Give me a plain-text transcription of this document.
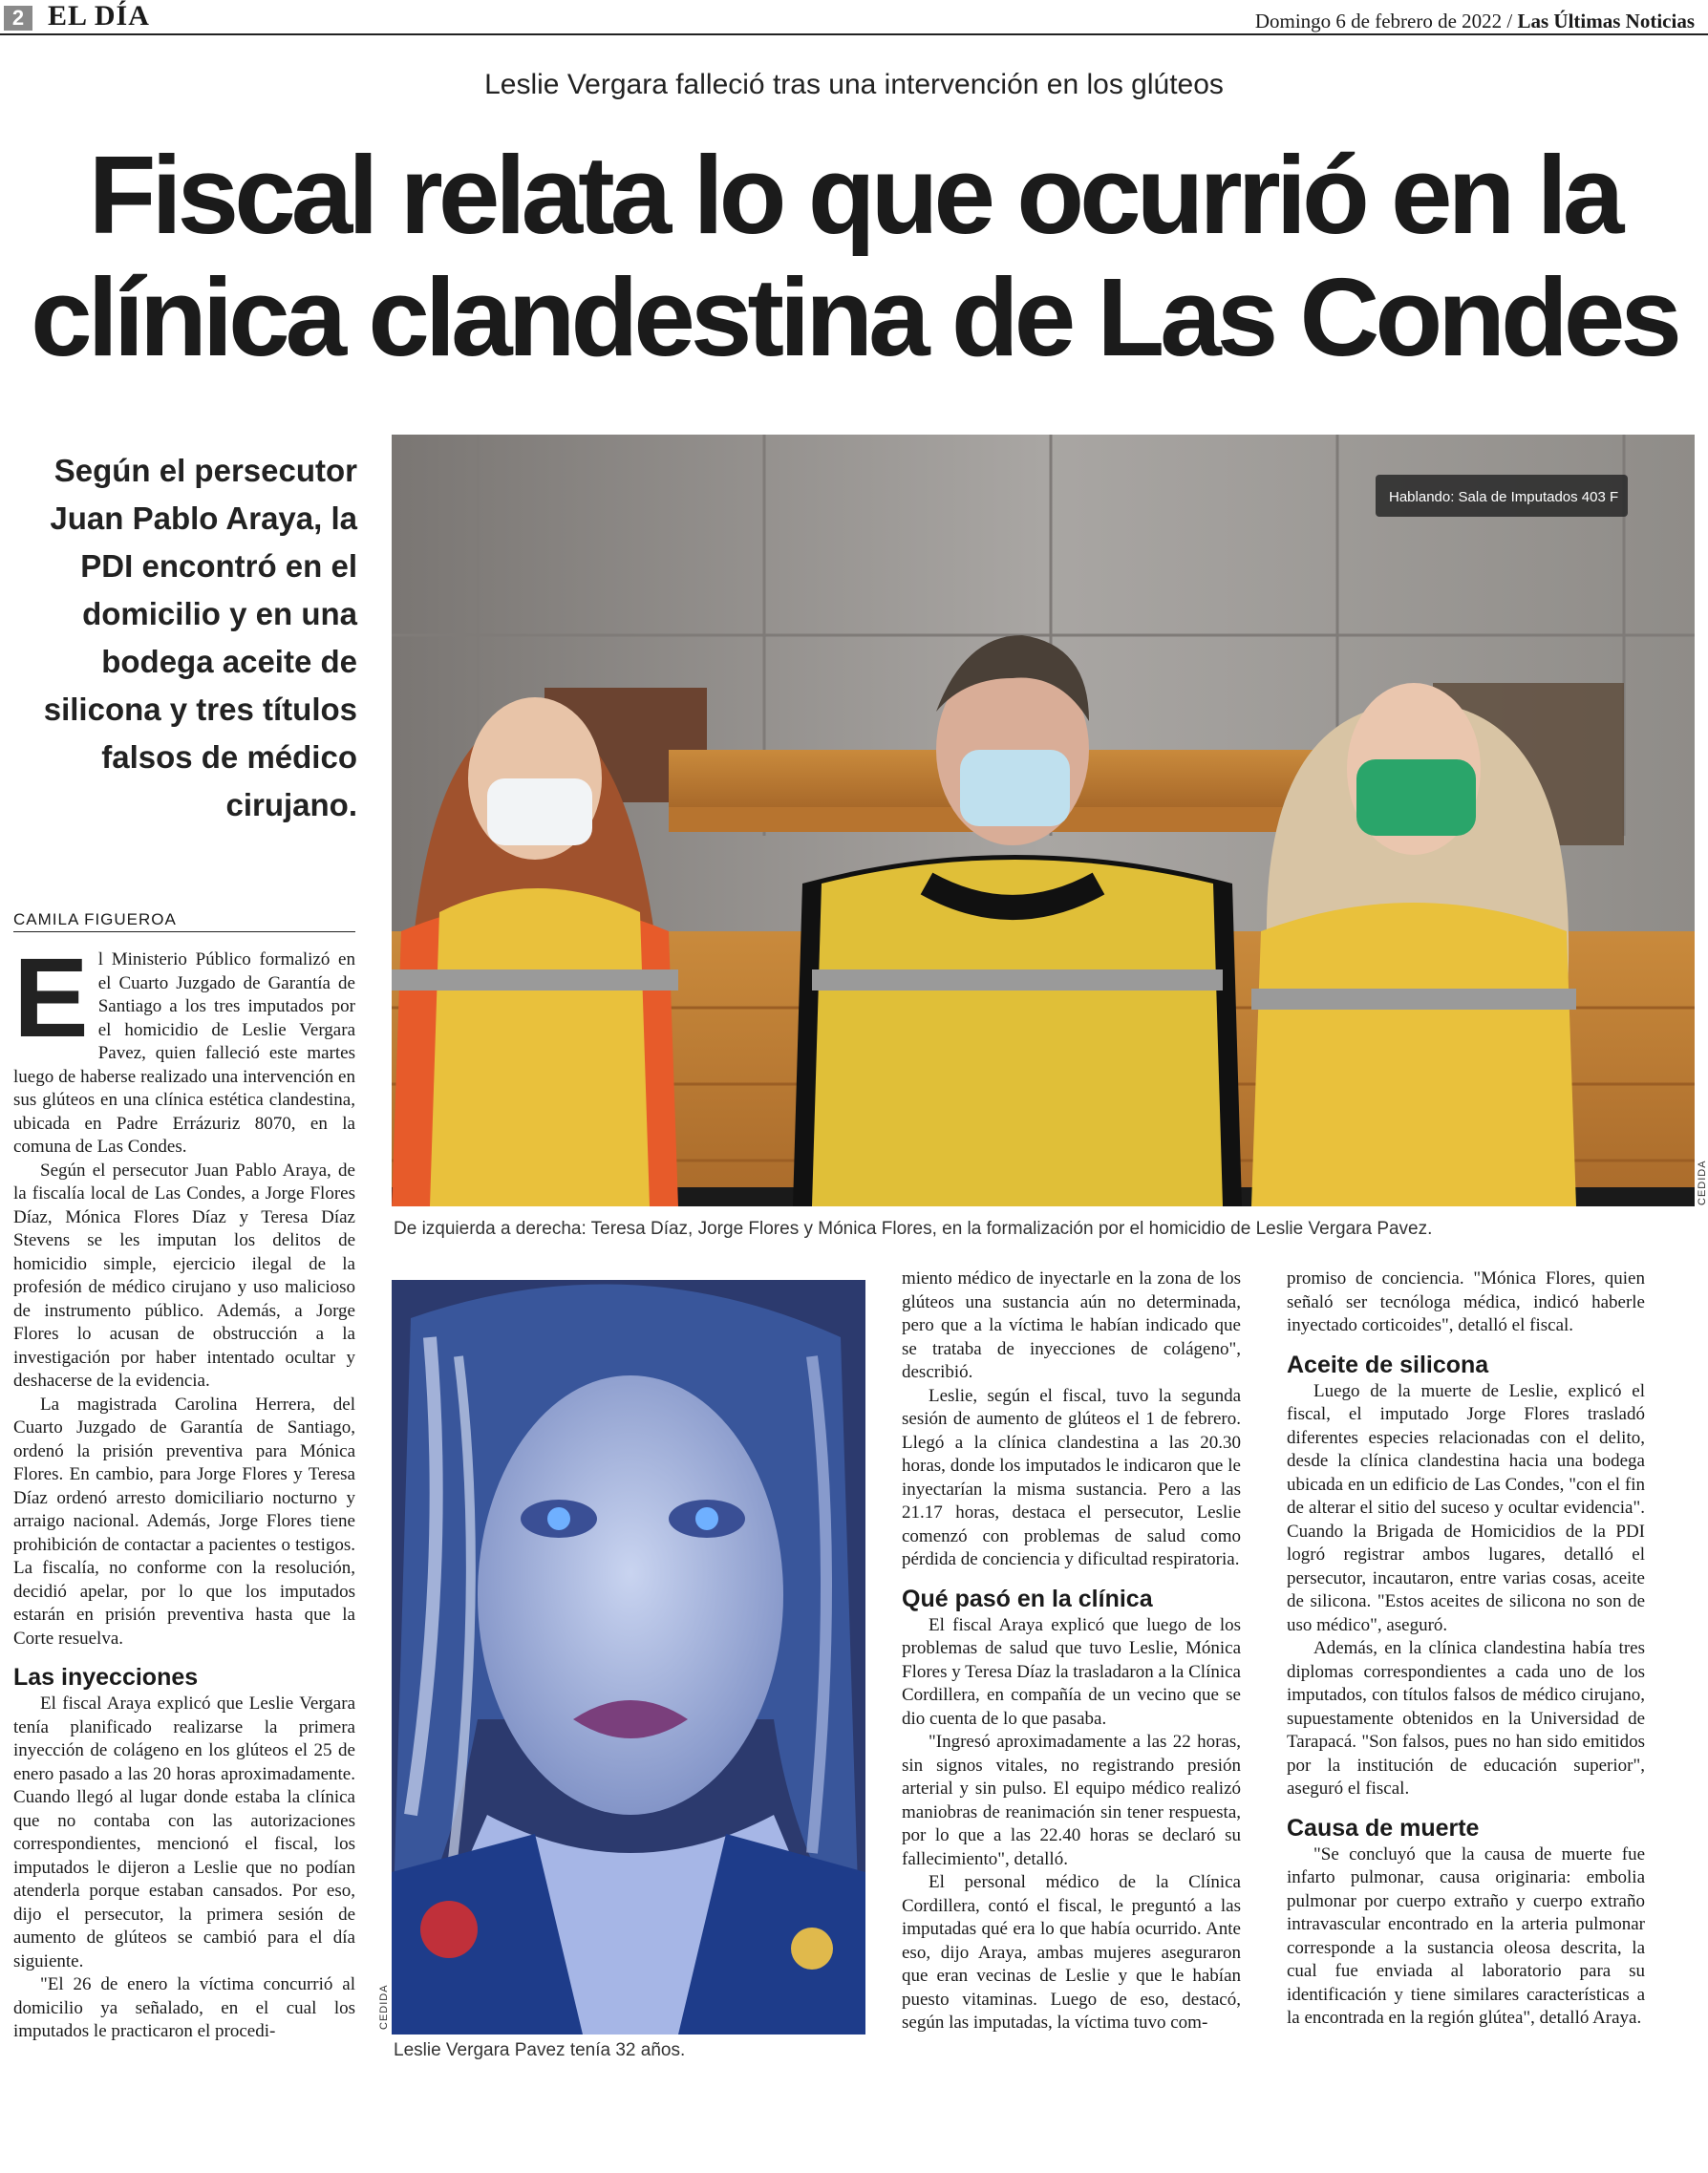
2 EL DÍA	Domingo 6 de febrero de 2022 / Las Últimas Noticias
Leslie Vergara falleció tras una intervención en los glúteos
Fiscal relata lo que ocurrió en la
clínica clandestina de Las Condes
Según el persecutor Juan Pablo Araya, la PDI encontró en el domicilio y en una bodega aceite de silicona y tres títulos falsos de médico cirujano.
Hablando: Sala de Imputados 403 F
CEDIDA
De izquierda a derecha: Teresa Díaz, Jorge Flores y Mónica Flores, en la formalización por el homicidio de Leslie Vergara Pavez.
CAMILA FIGUEROA

El Ministerio Público formalizó en el Cuarto Juzgado de Garantía de Santiago a los tres imputados por el homicidio de Leslie Vergara Pavez, quien falleció este martes luego de haberse realizado una intervención en sus glúteos en una clínica estética clandestina, ubicada en Padre Errázuriz 8070, en la comuna de Las Condes.

Según el persecutor Juan Pablo Araya, de la fiscalía local de Las Condes, a Jorge Flores Díaz, Mónica Flores Díaz y Teresa Díaz Stevens se les imputan los delitos de homicidio simple, ejercicio ilegal de la profesión de médico cirujano y uso malicioso de instrumento público. Además, a Jorge Flores lo acusan de obstrucción a la investigación por haber intentado ocultar y deshacerse de la evidencia.

La magistrada Carolina Herrera, del Cuarto Juzgado de Garantía de Santiago, ordenó la prisión preventiva para Mónica Flores. En cambio, para Jorge Flores y Teresa Díaz ordenó arresto domiciliario nocturno y arraigo nacional. Además, Jorge Flores tiene prohibición de contactar a pacientes o testigos. La fiscalía, no conforme con la resolución, decidió apelar, por lo que los imputados estarán en prisión preventiva hasta que la Corte resuelva.

Las inyecciones

El fiscal Araya explicó que Leslie Vergara tenía planificado realizarse la primera inyección de colágeno en los glúteos el 25 de enero pasado a las 20 horas aproximadamente. Cuando llegó al lugar donde estaba la clínica que no contaba con las autorizaciones correspondientes, mencionó el fiscal, los imputados le dijeron a Leslie que no podían atenderla porque estaban cansados. Por eso, dijo el persecutor, la primera sesión de aumento de glúteos se cambió para el día siguiente.

"El 26 de enero la víctima concurrió al domicilio ya señalado, en el cual los imputados le practicaron el procedi-

CEDIDA
Leslie Vergara Pavez tenía 32 años.

miento médico de inyectarle en la zona de los glúteos una sustancia aún no determinada, pero que a la víctima le habían indicado que se trataba de inyecciones de colágeno", describió.

Leslie, según el fiscal, tuvo la segunda sesión de aumento de glúteos el 1 de febrero. Llegó a la clínica clandestina a las 20.30 horas, donde los imputados le indicaron que le inyectarían la misma sustancia. Pero a las 21.17 horas, destaca el persecutor, Leslie comenzó con problemas de salud como pérdida de conciencia y dificultad respiratoria.

Qué pasó en la clínica

El fiscal Araya explicó que luego de los problemas de salud que tuvo Leslie, Mónica Flores y Teresa Díaz la trasladaron a la Clínica Cordillera, en compañía de un vecino que se dio cuenta de lo que pasaba.

"Ingresó aproximadamente a las 22 horas, sin signos vitales, no registrando presión arterial y sin pulso. El equipo médico realizó maniobras de reanimación sin tener respuesta, por lo que a las 22.40 horas se declaró su fallecimiento", detalló.

El personal médico de la Clínica Cordillera, contó el fiscal, le preguntó a las imputadas qué era lo que había ocurrido. Ante eso, dijo Araya, ambas mujeres aseguraron que eran vecinas de Leslie y que le habían puesto vitaminas. Luego de eso, destacó, según las imputadas, la víctima tuvo com-

promiso de conciencia. "Mónica Flores, quien señaló ser tecnóloga médica, indicó haberle inyectado corticoides", detalló el fiscal.

Aceite de silicona

Luego de la muerte de Leslie, explicó el fiscal, el imputado Jorge Flores trasladó diferentes especies relacionadas con el delito, desde la clínica clandestina hacia una bodega ubicada en un edificio de Las Condes, "con el fin de alterar el sitio del suceso y ocultar evidencia". Cuando la Brigada de Homicidios de la PDI logró registrar ambos lugares, detalló el persecutor, incautaron, entre varias cosas, aceite de silicona. "Estos aceites de silicona no son de uso médico", aseguró.

Además, en la clínica clandestina había tres diplomas correspondientes a cada uno de los imputados, con títulos falsos de médico cirujano, supuestamente obtenidos en la Universidad de Tarapacá. "Son falsos, pues no han sido emitidos por la institución de educación superior", aseguró el fiscal.

Causa de muerte

"Se concluyó que la causa de muerte fue infarto pulmonar, causa originaria: embolia pulmonar por cuerpo extraño y cuerpo extraño intravascular encontrado en la arteria pulmonar corresponde a la sustancia oleosa descrita, la cual fue enviada al laboratorio para su identificación y tiene similares características a la encontrada en la región glútea", detalló Araya.
